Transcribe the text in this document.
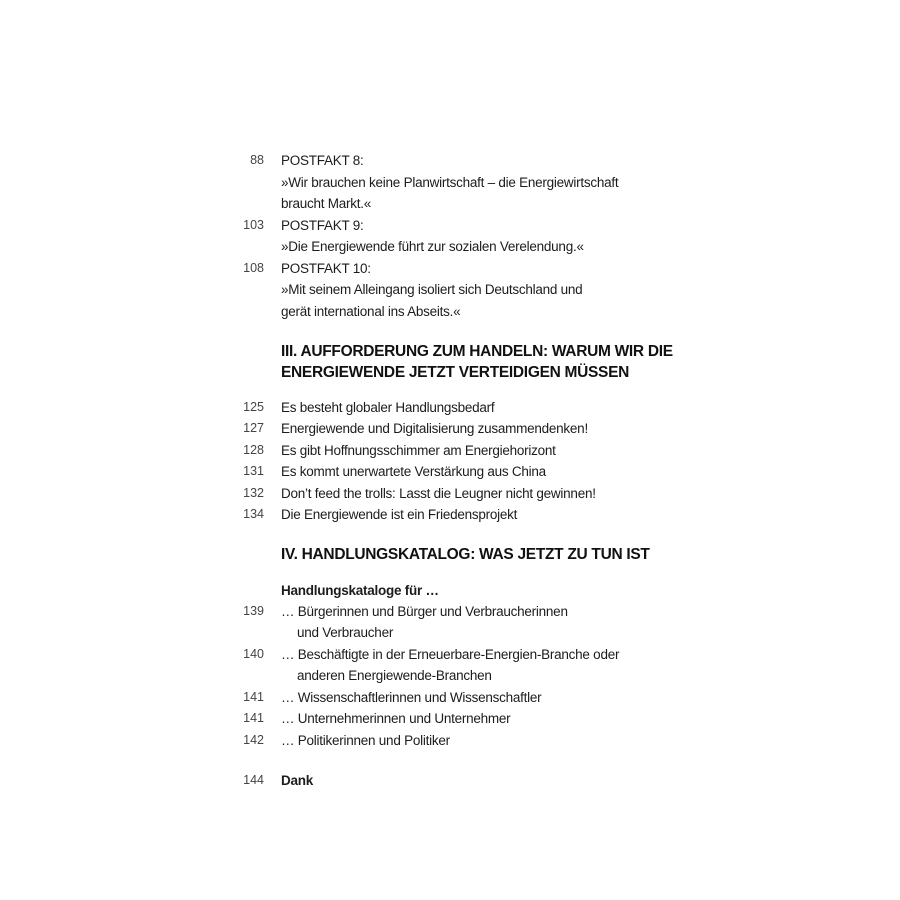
88 POSTFAKT 8:
»Wir brauchen keine Planwirtschaft – die Energiewirtschaft
braucht Markt.«
103 POSTFAKT 9:
»Die Energiewende führt zur sozialen Verelendung.«
108 POSTFAKT 10:
»Mit seinem Alleingang isoliert sich Deutschland und
gerät international ins Abseits.«
III. AUFFORDERUNG ZUM HANDELN: WARUM WIR DIE
ENERGIEWENDE JETZT VERTEIDIGEN MÜSSEN
125 Es besteht globaler Handlungsbedarf
127 Energiewende und Digitalisierung zusammendenken!
128 Es gibt Hoffnungsschimmer am Energiehorizont
131 Es kommt unerwartete Verstärkung aus China
132 Don’t feed the trolls: Lasst die Leugner nicht gewinnen!
134 Die Energiewende ist ein Friedensprojekt
IV. HANDLUNGSKATALOG: WAS JETZT ZU TUN IST
Handlungskataloge für …
139 … Bürgerinnen und Bürger und Verbraucherinnen
und Verbraucher
140 … Beschäftigte in der Erneuerbare-Energien-Branche oder
anderen Energiewende-Branchen
141 … Wissenschaftlerinnen und Wissenschaftler
141 … Unternehmerinnen und Unternehmer
142 … Politikerinnen und Politiker
144 Dank
